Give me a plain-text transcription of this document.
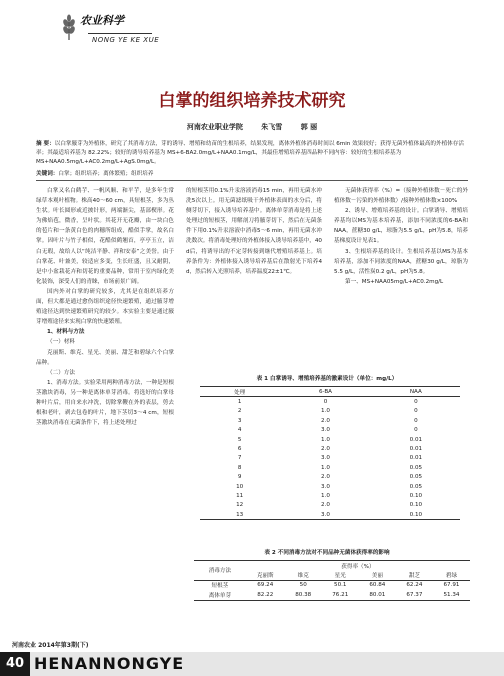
农业科学
NONG YE KE XUE
白掌的组织培养技术研究
河南农业职业学院	朱飞雪	郭 丽
摘 要：以白掌腋芽为外植体，研究了其消毒方法，芽的诱导、增殖和幼苗的生根培养，结果发现，离体外植体消毒时间以 6min 效果较好；获得无菌外植体最高的外植体存活率；其最适培养基为 82.22%；较好的诱导培养基为 MS+6-BA2.0mg/L+NAA0.1mg/L，其最佳增殖培养基四品种不同内容：较好的生根培养基为 MS+NAA0.5mg/L+AC0.2mg/L+AgS.0mg/L。
关键词：白掌；组织培养；离体繁殖；组织培养

白掌又名白鹤芋、一帆风顺、和平芋，是多年生常绿草本观叶植物。株高40～60 cm，具短根茎，多为丛生状。叶长圆形或近披针形，两端渐尖，基部楔形。花为佛焰苞，微香，呈叶状。其花开无花瓣，由一块白色的苞片和一条黄白色的肉穗所组成，酷似手掌，故名白掌。因叶片与竹子相似，花酷似鹤翘首，亭亭玉立，洁白无瑕，故给人以“纯洁平静、祥和安泰”之美誉。由于白掌花、叶兼美，较适应多变，生长旺盛，且又耐阴，是中小盆栽花卉和切花的重要品种，常用于室内绿化美化装饰，深受人们的青睐，市场前景广阔。

国内外对白掌的研究较多，尤其是在组织培养方面，但大都是通过愈伤组织途径快速繁殖，通过腋芽增殖途径达到快速繁殖研究的较少。本实验主要是通过腋芽增殖途径来实现白掌的快速繁殖。

1、材料与方法

（一）材料

克丽斯、维克、星光、美丽、甜芝和碧绿六个白掌品种。

（二）方法

1、消毒方法。实验采用两种消毒方法，一种是短根茎激块消毒，另一种是离体单芽消毒。将选好的白掌母种叶片后，用自来水冲洗，切除掌鞭在外的表层，剪去根和老叶，剥去包卷的叶片，地下茎切3～4 cm，短根茎激块消毒在无菌条件下，将上述处理过

的短根茎用0.1%升汞溶液消毒15 min，再用无菌水冲洗5次以上。用无菌滤纸吸干外植体表面的水分后，将侧芽切下，接入诱导培养基中。离体单芽消毒是将上述处理过的短根茎，用解剖刀将腋芽切下，然后在无菌条件下用0.1%升汞溶液中消毒5～6 min，再用无菌水冲洗数次。将消毒处理好的外植体接入诱导培养基中，40 d后，将诱导出的不定芽转接到继代增殖培养基上。培养条件为：外植体接入诱导培养基后在散射光下培养4 d，然后转入光照培养，培养温度22±1℃。

无菌体获得率（%）=（接种外植体数－死亡的外植体数－污染的外植体数）/接种外植体数×100%

2、诱导、增殖培养基的设计。白掌诱导、增殖培养基均以MS为基本培养基，添加不同浓度的6-BA和NAA，蔗糖30 g/L，琼脂为5.5 g/L，pH为5.8，培养基梯度设计见表1。

3、生根培养基的设计。生根培养基以MS为基本培养基，添加不同浓度的NAA，蔗糖30 g/L，琼脂为5.5 g/L，活性炭0.2 g/L，pH为5.8。

第一、MS+NAA05mg/L+AC0.2mg/L

表 1 白掌诱导、增殖培养基的激素设计（单位：mg/L）
处理	6-BA	NAA
1	0	0
2	1.0	0
3	2.0	0
4	3.0	0
5	1.0	0.01
6	2.0	0.01
7	3.0	0.01
8	1.0	0.05
9	2.0	0.05
10	3.0	0.05
11	1.0	0.10
12	2.0	0.10
13	3.0	0.10
表 2 不同消毒方法对不同品种无菌体获得率的影响
消毒方法	获得率（%）					
	克丽斯	维克	星光	美丽	甜芝	碧绿
短根茎	69.24	50	50.1	60.84	62.24	67.91
离体单芽	82.22	80.38	76.21	80.01	67.37	51.34
河南农业 2014年第3期(下)
40 HENANNONGYE
